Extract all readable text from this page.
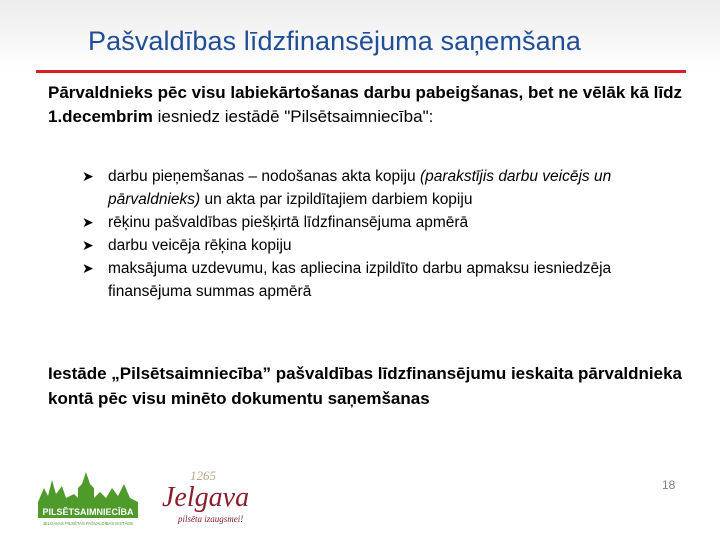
Pašvaldības līdzfinansējuma saņemšana
Pārvaldnieks pēc visu labiekārtošanas darbu pabeigšanas, bet ne vēlāk kā līdz 1.decembrim iesniedz iestādē "Pilsētsaimniecība":
➤ darbu pieņemšanas – nodošanas akta kopiju (parakstījis darbu veicējs un pārvaldnieks) un akta par izpildītajiem darbiem kopiju
➤ rēķinu pašvaldības piešķirtā līdzfinansējuma apmērā
➤ darbu veicēja rēķina kopiju
➤ maksājuma uzdevumu, kas apliecina izpildīto darbu apmaksu iesniedzēja finansējuma summas apmērā
Iestāde „Pilsētsaimniecība” pašvaldības līdzfinansējumu ieskaita pārvaldnieka kontā pēc visu minēto dokumentu saņemšanas
PILSĒTSAIMNIECĪBA
JELGAVAS PILSĒTAS PAŠVALDĪBAS IESTĀDE
1265
Jelgava
pilsēta izaugsmei!
18
